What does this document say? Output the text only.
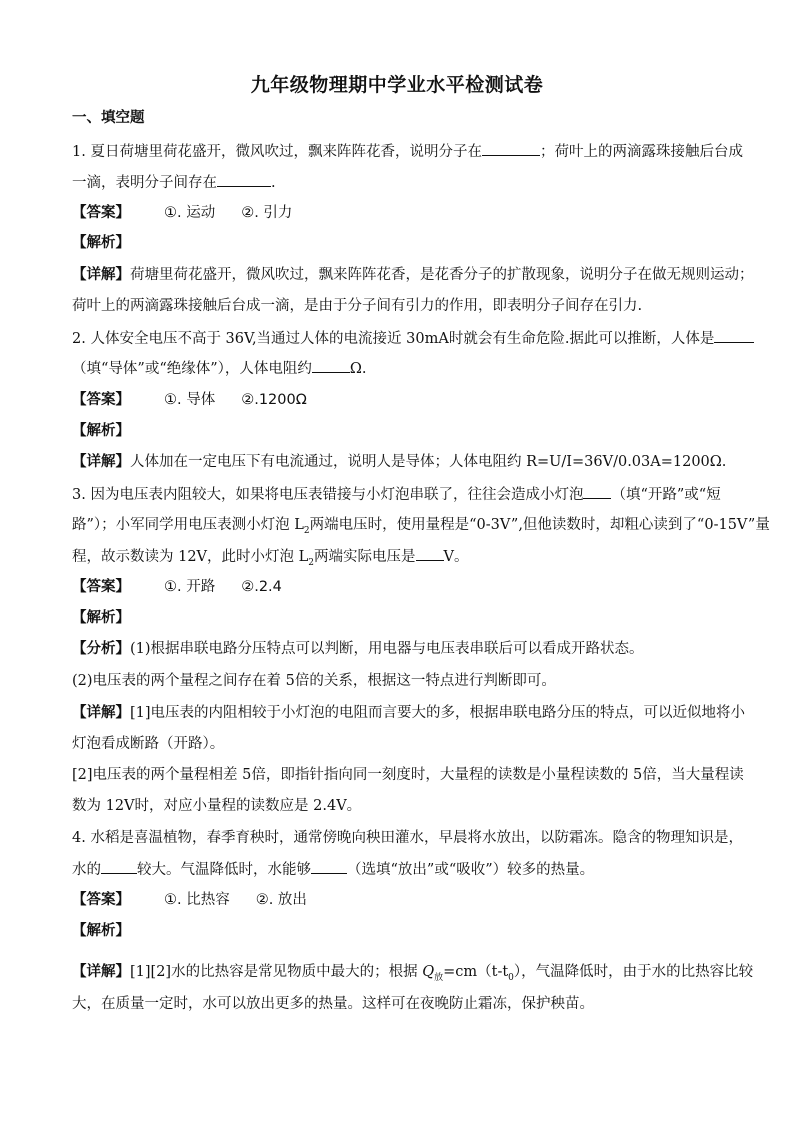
九年级物理期中学业水平检测试卷
一、填空题
1. 夏日荷塘里荷花盛开，微风吹过，飘来阵阵花香，说明分子在	；荷叶上的两滴露珠接触后台成
一滴，表明分子间存在	.
【答案】 ①. 运动 ②. 引力
【解析】
【详解】荷塘里荷花盛开，微风吹过，飘来阵阵花香，是花香分子的扩散现象，说明分子在做无规则运动；
荷叶上的两滴露珠接触后台成一滴，是由于分子间有引力的作用，即表明分子间存在引力.
2. 人体安全电压不高于 36V,当通过人体的电流接近 30mA时就会有生命危险.据此可以推断，人体是
（填“导体”或“绝缘体”），人体电阻约	Ω.
【答案】 ①. 导体 ②.1200Ω
【解析】
【详解】人体加在一定电压下有电流通过，说明人是导体；人体电阻约 R=U/I=36V/0.03A=1200Ω.
3. 因为电压表内阻较大，如果将电压表错接与小灯泡串联了，往往会造成小灯泡 （填“开路”或“短
路”）；小军同学用电压表测小灯泡 $L_2$两端电压时，使用量程是“0-3V”,但他读数时，却粗心读到了“0-15V”量
程，故示数读为 12V，此时小灯泡 $L_2$两端实际电压是 V。
【答案】 ①. 开路 ②.2.4
【解析】
【分析】(1)根据串联电路分压特点可以判断，用电器与电压表串联后可以看成开路状态。
(2)电压表的两个量程之间存在着 5倍的关系，根据这一特点进行判断即可。
【详解】[1]电压表的内阻相较于小灯泡的电阻而言要大的多，根据串联电路分压的特点，可以近似地将小
灯泡看成断路（开路）。
[2]电压表的两个量程相差 5倍，即指针指向同一刻度时，大量程的读数是小量程读数的 5倍，当大量程读
数为 12V时，对应小量程的读数应是 2.4V。
4. 水稻是喜温植物，春季育秧时，通常傍晚向秧田灌水，早晨将水放出，以防霜冻。隐含的物理知识是，
水的 较大。气温降低时，水能够 （选填“放出”或“吸收”）较多的热量。
【答案】 ①. 比热容 ②. 放出
【解析】
【详解】[1][2]水的比热容是常见物质中最大的；根据 $Q_放=cm(t-t_0)$，气温降低时，由于水的比热容比较
大，在质量一定时，水可以放出更多的热量。这样可在夜晚防止霜冻，保护秧苗。
